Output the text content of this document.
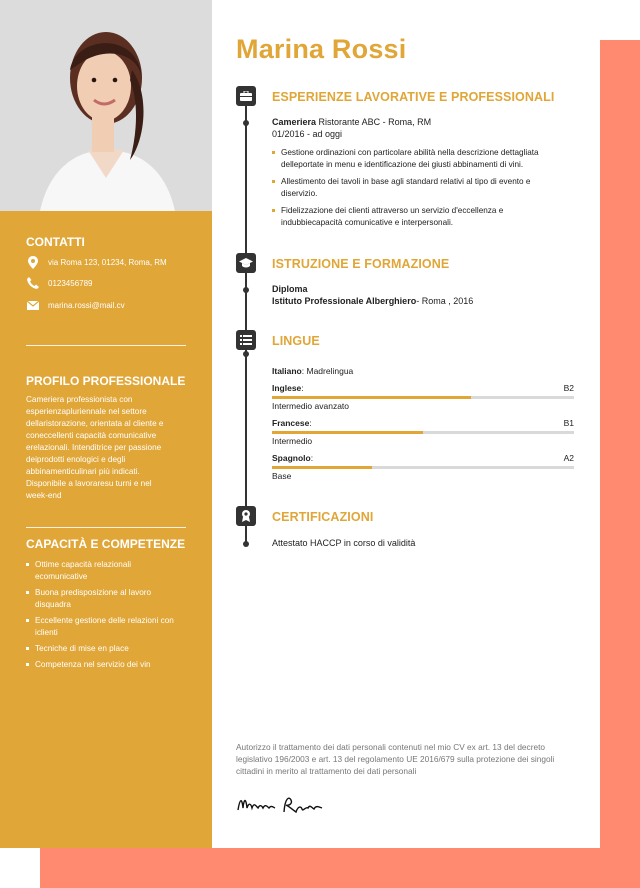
CONTATTI
via Roma 123, 01234, Roma, RM
0123456789
marina.rossi@mail.cv
PROFILO PROFESSIONALE
Cameriera professionista con
esperienzapluriennale nel settore
dellaristorazione, orientata al cliente e
coneccellenti capacità comunicative
erelazionali. Intenditrice per passione
deiprodotti enologici e degli
abbinamenticulinari più indicati.
Disponibile a lavoraresu turni e nel
week-end
CAPACITÀ E COMPETENZE
Ottime capacità relazionali
ecomunicative
Buona predisposizione al lavoro
disquadra
Eccellente gestione delle relazioni con
iclienti
Tecniche di mise en place
Competenza nel servizio dei vin
Marina Rossi
ESPERIENZE LAVORATIVE E PROFESSIONALI
Cameriera Ristorante ABC - Roma, RM
01/2016 - ad oggi
Gestione ordinazioni con particolare abilità nella descrizione dettagliata
delleportate in menu e identificazione dei giusti abbinamenti di vini.
Allestimento dei tavoli in base agli standard relativi al tipo di evento e
diservizio.
Fidelizzazione dei clienti attraverso un servizio d'eccellenza e
indubbiecapacità comunicative e interpersonali.
ISTRUZIONE E FORMAZIONE
Diploma
Istituto Professionale Alberghiero- Roma , 2016
LINGUE
Italiano: Madrelingua
Inglese:	B2
Intermedio avanzato
Francese:	B1
Intermedio
Spagnolo:	A2
Base
CERTIFICAZIONI
Attestato HACCP in corso di validità
Autorizzo il trattamento dei dati personali contenuti nel mio CV ex art. 13 del decreto legislativo 196/2003 e art. 13 del regolamento UE 2016/679 sulla protezione dei singoli cittadini in merito al trattamento dei dati personali
